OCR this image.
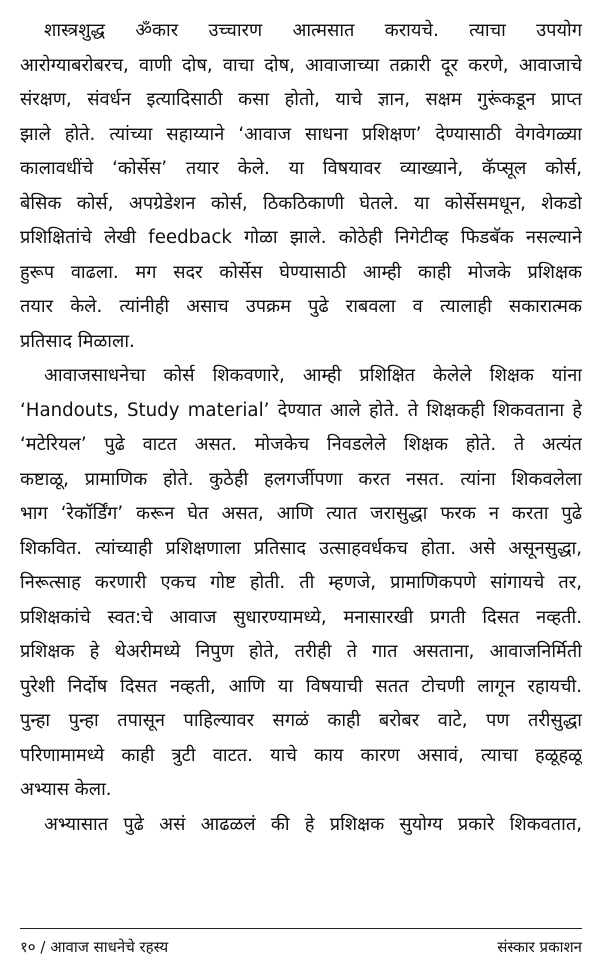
शास्त्रशुद्ध ॐकार उच्चारण आत्मसात करायचे. त्याचा उपयोग
आरोग्याबरोबरच, वाणी दोष, वाचा दोष, आवाजाच्या तक्रारी दूर करणे, आवाजाचे
संरक्षण, संवर्धन इत्यादिसाठी कसा होतो, याचे ज्ञान, सक्षम गुरूंकडून प्राप्त
झाले होते. त्यांच्या सहाय्याने ‘आवाज साधना प्रशिक्षण’ देण्यासाठी वेगवेगळ्या
कालावधींचे ‘कोर्सेस’ तयार केले. या विषयावर व्याख्याने, कॅप्सूल कोर्स,
बेसिक कोर्स, अपग्रेडेशन कोर्स, ठिकठिकाणी घेतले. या कोर्सेसमधून, शेकडो
प्रशिक्षितांचे लेखी feedback गोळा झाले. कोठेही निगेटीव्ह फिडबॅक नसल्याने
हुरूप वाढला. मग सदर कोर्सेस घेण्यासाठी आम्ही काही मोजके प्रशिक्षक
तयार केले. त्यांनीही असाच उपक्रम पुढे राबवला व त्यालाही सकारात्मक
प्रतिसाद मिळाला.
आवाजसाधनेचा कोर्स शिकवणारे, आम्ही प्रशिक्षित केलेले शिक्षक यांना
‘Handouts, Study material’ देण्यात आले होते. ते शिक्षकही शिकवताना हे
‘मटेरियल’ पुढे वाटत असत. मोजकेच निवडलेले शिक्षक होते. ते अत्यंत
कष्टाळू, प्रामाणिक होते. कुठेही हलगर्जीपणा करत नसत. त्यांना शिकवलेला
भाग ‘रेकॉर्डिंग’ करून घेत असत, आणि त्यात जरासुद्धा फरक न करता पुढे
शिकवित. त्यांच्याही प्रशिक्षणाला प्रतिसाद उत्साहवर्धकच होता. असे असूनसुद्धा,
निरूत्साह करणारी एकच गोष्ट होती. ती म्हणजे, प्रामाणिकपणे सांगायचे तर,
प्रशिक्षकांचे स्वत:चे आवाज सुधारण्यामध्ये, मनासारखी प्रगती दिसत नव्हती.
प्रशिक्षक हे थेअरीमध्ये निपुण होते, तरीही ते गात असताना, आवाजनिर्मिती
पुरेशी निर्दोष दिसत नव्हती, आणि या विषयाची सतत टोचणी लागून रहायची.
पुन्हा पुन्हा तपासून पाहिल्यावर सगळं काही बरोबर वाटे, पण तरीसुद्धा
परिणामामध्ये काही त्रुटी वाटत. याचे काय कारण असावं, त्याचा हळूहळू
अभ्यास केला.
अभ्यासात पुढे असं आढळलं की हे प्रशिक्षक सुयोग्य प्रकारे शिकवतात,
१० / आवाज साधनेचे रहस्य	संस्कार प्रकाशन
